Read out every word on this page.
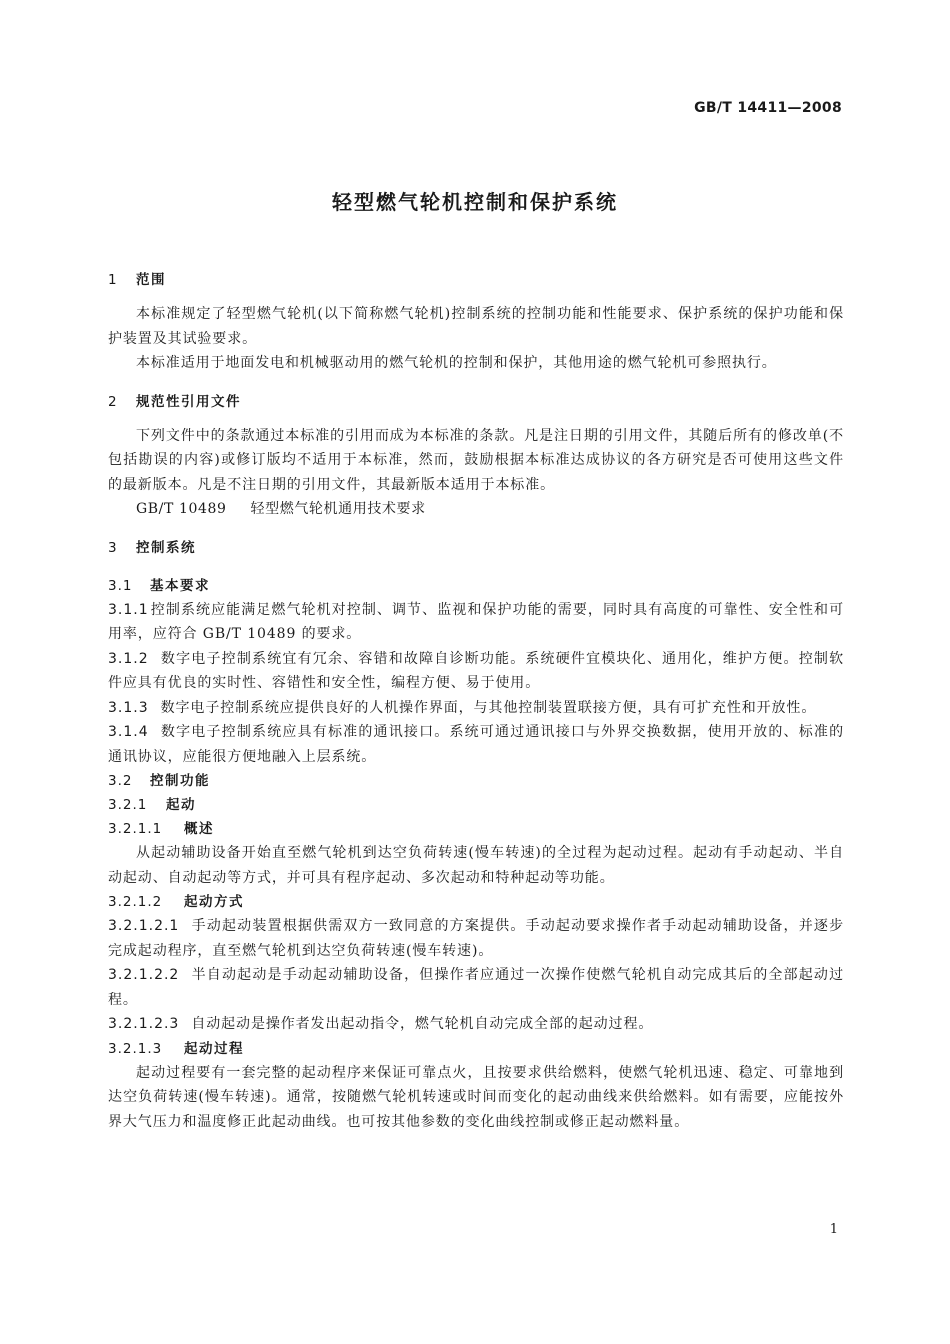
GB/T 14411—2008
轻型燃气轮机控制和保护系统
1 范围

本标准规定了轻型燃气轮机(以下简称燃气轮机)控制系统的控制功能和性能要求、保护系统的保护功能和保护装置及其试验要求。

本标准适用于地面发电和机械驱动用的燃气轮机的控制和保护，其他用途的燃气轮机可参照执行。

2 规范性引用文件

下列文件中的条款通过本标准的引用而成为本标准的条款。凡是注日期的引用文件，其随后所有的修改单(不包括勘误的内容)或修订版均不适用于本标准，然而，鼓励根据本标准达成协议的各方研究是否可使用这些文件的最新版本。凡是不注日期的引用文件，其最新版本适用于本标准。

GB/T 10489 轻型燃气轮机通用技术要求
3 控制系统
3.1 基本要求

3.1.1 控制系统应能满足燃气轮机对控制、调节、监视和保护功能的需要，同时具有高度的可靠性、安全性和可用率，应符合 GB/T 10489 的要求。

3.1.2 数字电子控制系统宜有冗余、容错和故障自诊断功能。系统硬件宜模块化、通用化，维护方便。控制软件应具有优良的实时性、容错性和安全性，编程方便、易于使用。

3.1.3 数字电子控制系统应提供良好的人机操作界面，与其他控制装置联接方便，具有可扩充性和开放性。

3.1.4 数字电子控制系统应具有标准的通讯接口。系统可通过通讯接口与外界交换数据，使用开放的、标准的通讯协议，应能很方便地融入上层系统。

3.2 控制功能
3.2.1 起动
3.2.1.1 概述

从起动辅助设备开始直至燃气轮机到达空负荷转速(慢车转速)的全过程为起动过程。起动有手动起动、半自动起动、自动起动等方式，并可具有程序起动、多次起动和特种起动等功能。

3.2.1.2 起动方式

3.2.1.2.1 手动起动装置根据供需双方一致同意的方案提供。手动起动要求操作者手动起动辅助设备，并逐步完成起动程序，直至燃气轮机到达空负荷转速(慢车转速)。

3.2.1.2.2 半自动起动是手动起动辅助设备，但操作者应通过一次操作使燃气轮机自动完成其后的全部起动过程。

3.2.1.2.3 自动起动是操作者发出起动指令，燃气轮机自动完成全部的起动过程。

3.2.1.3 起动过程

起动过程要有一套完整的起动程序来保证可靠点火，且按要求供给燃料，使燃气轮机迅速、稳定、可靠地到达空负荷转速(慢车转速)。通常，按随燃气轮机转速或时间而变化的起动曲线来供给燃料。如有需要，应能按外界大气压力和温度修正此起动曲线。也可按其他参数的变化曲线控制或修正起动燃料量。

1
